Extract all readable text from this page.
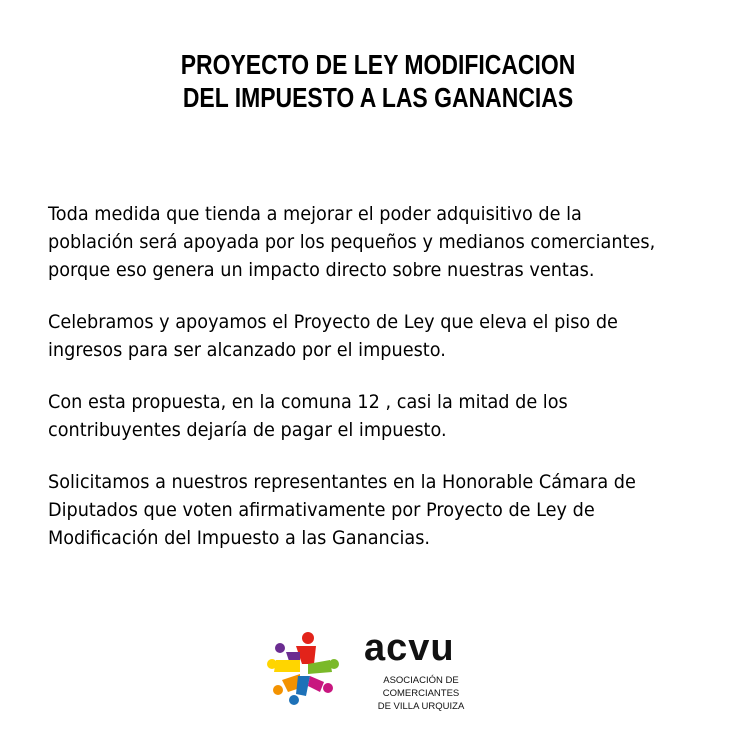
PROYECTO DE LEY MODIFICACION
DEL IMPUESTO A LAS GANANCIAS
Toda medida que tienda a mejorar el poder adquisitivo de la
población será apoyada por los pequeños y medianos comerciantes,
porque eso genera un impacto directo sobre nuestras ventas.
Celebramos y apoyamos el Proyecto de Ley que eleva el piso de
ingresos para ser alcanzado por el impuesto.
Con esta propuesta, en la comuna 12 , casi la mitad de los
contribuyentes dejaría de pagar el impuesto.
Solicitamos a nuestros representantes en la Honorable Cámara de
Diputados que voten afirmativamente por Proyecto de Ley de
Modificación del Impuesto a las Ganancias.
acvu
ASOCIACIÓN DE COMERCIANTES
DE VILLA URQUIZA
